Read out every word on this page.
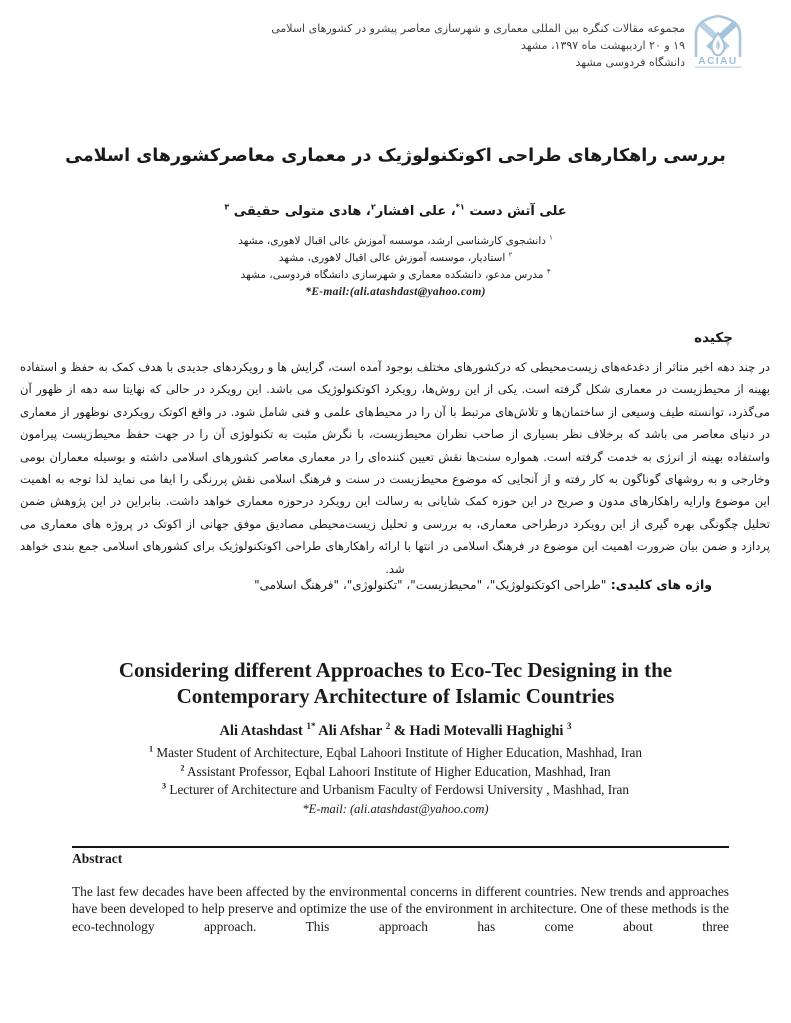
مجموعه مقالات کنگره بین المللی معماری و شهرسازی معاصر پیشرو در کشورهای اسلامی
۱۹ و ۲۰ اردیبهشت ماه ۱۳۹۷، مشهد
دانشگاه فردوسی مشهد ACIAU
بررسی راهکارهای طراحی اکوتکنولوژیک در معماری معاصرکشورهای اسلامی
علی آتش دست $^{۱*}$، علی افشار$^۲$، هادی متولی حقیقی $^۳$
$^۱$ دانشجوی کارشناسی ارشد، موسسه آموزش عالی اقبال لاهوری، مشهد
$^۲$ استادیار، موسسه آموزش عالی اقبال لاهوری، مشهد
$^۳$ مدرس مدعو، دانشکده معماری و شهرسازی دانشگاه فردوسی، مشهد
*E-mail:(ali.atashdast@yahoo.com)
چکیده
در چند دهه اخیر متاثر از دغدغه‌های زیست‌محیطی که درکشورهای مختلف بوجود آمده است، گرایش ها و رویکردهای جدیدی با هدف کمک به حفظ و استفاده بهینه از محیط‌زیست در معماری شکل گرفته است. یکی از این روش‌ها، رویکرد اکوتکنولوژیک می باشد. این رویکرد در حالی که نهایتا سه دهه از ظهور آن می‌گذرد، توانسته طیف وسیعی از ساختمان‌ها و تلاش‌های مرتبط با آن را در محیط‌های علمی و فنی شامل شود. در واقع اکوتک رویکردی نوظهور از معماری در دنیای معاصر می باشد که برخلاف نظر بسیاری از صاحب نظران محیط‌زیست، با نگرش مثبت به تکنولوژی آن را در جهت حفظ محیط‌زیست پیرامون واستفاده بهینه از انرژی به خدمت گرفته است. همواره سنت‌ها نقش تعیین کننده‌ای را در معماری معاصر کشورهای اسلامی داشته و بوسیله معماران بومی وخارجی و به روشهای گوناگون به کار رفته و از آنجایی که موضوع محیط‌زیست در سنت و فرهنگ اسلامی نقش پررنگی را ایفا می نماید لذا توجه به اهمیت این موضوع وارایه راهکارهای مدون و صریح در این حوزه کمک شایانی به رسالت این رویکرد درحوزه معماری خواهد داشت. بنابراین در این پژوهش ضمن تحلیل چگونگی بهره گیری از این رویکرد درطراحی معماری، به بررسی و تحلیل زیست‌محیطی مصادیق موفق جهانی از اکوتک در پروژه های معماری می پردازد و ضمن بیان ضرورت اهمیت این موضوع در فرهنگ اسلامی در انتها با ارائه راهکارهای طراحی اکوتکنولوژیک برای کشورهای اسلامی جمع بندی خواهد شد.
واژه های کلیدی: "طراحی اکوتکنولوژیک"، "محیط‌زیست"، "تکنولوژی"، "فرهنگ اسلامی"
Considering different Approaches to Eco-Tec Designing in the
Contemporary Architecture of Islamic Countries
Ali Atashdast $^{1*}$ Ali Afshar $^2$ & Hadi Motevalli Haghighi $^3$
$^1$ Master Student of Architecture, Eqbal Lahoori Institute of Higher Education, Mashhad, Iran
$^2$ Assistant Professor, Eqbal Lahoori Institute of Higher Education, Mashhad, Iran
$^3$ Lecturer of Architecture and Urbanism Faculty of Ferdowsi University , Mashhad, Iran
*E-mail: (ali.atashdast@yahoo.com)
Abstract
The last few decades have been affected by the environmental concerns in different countries. New trends and approaches have been developed to help preserve and optimize the use of the environment in architecture. One of these methods is the eco-technology approach. This approach has come about three
